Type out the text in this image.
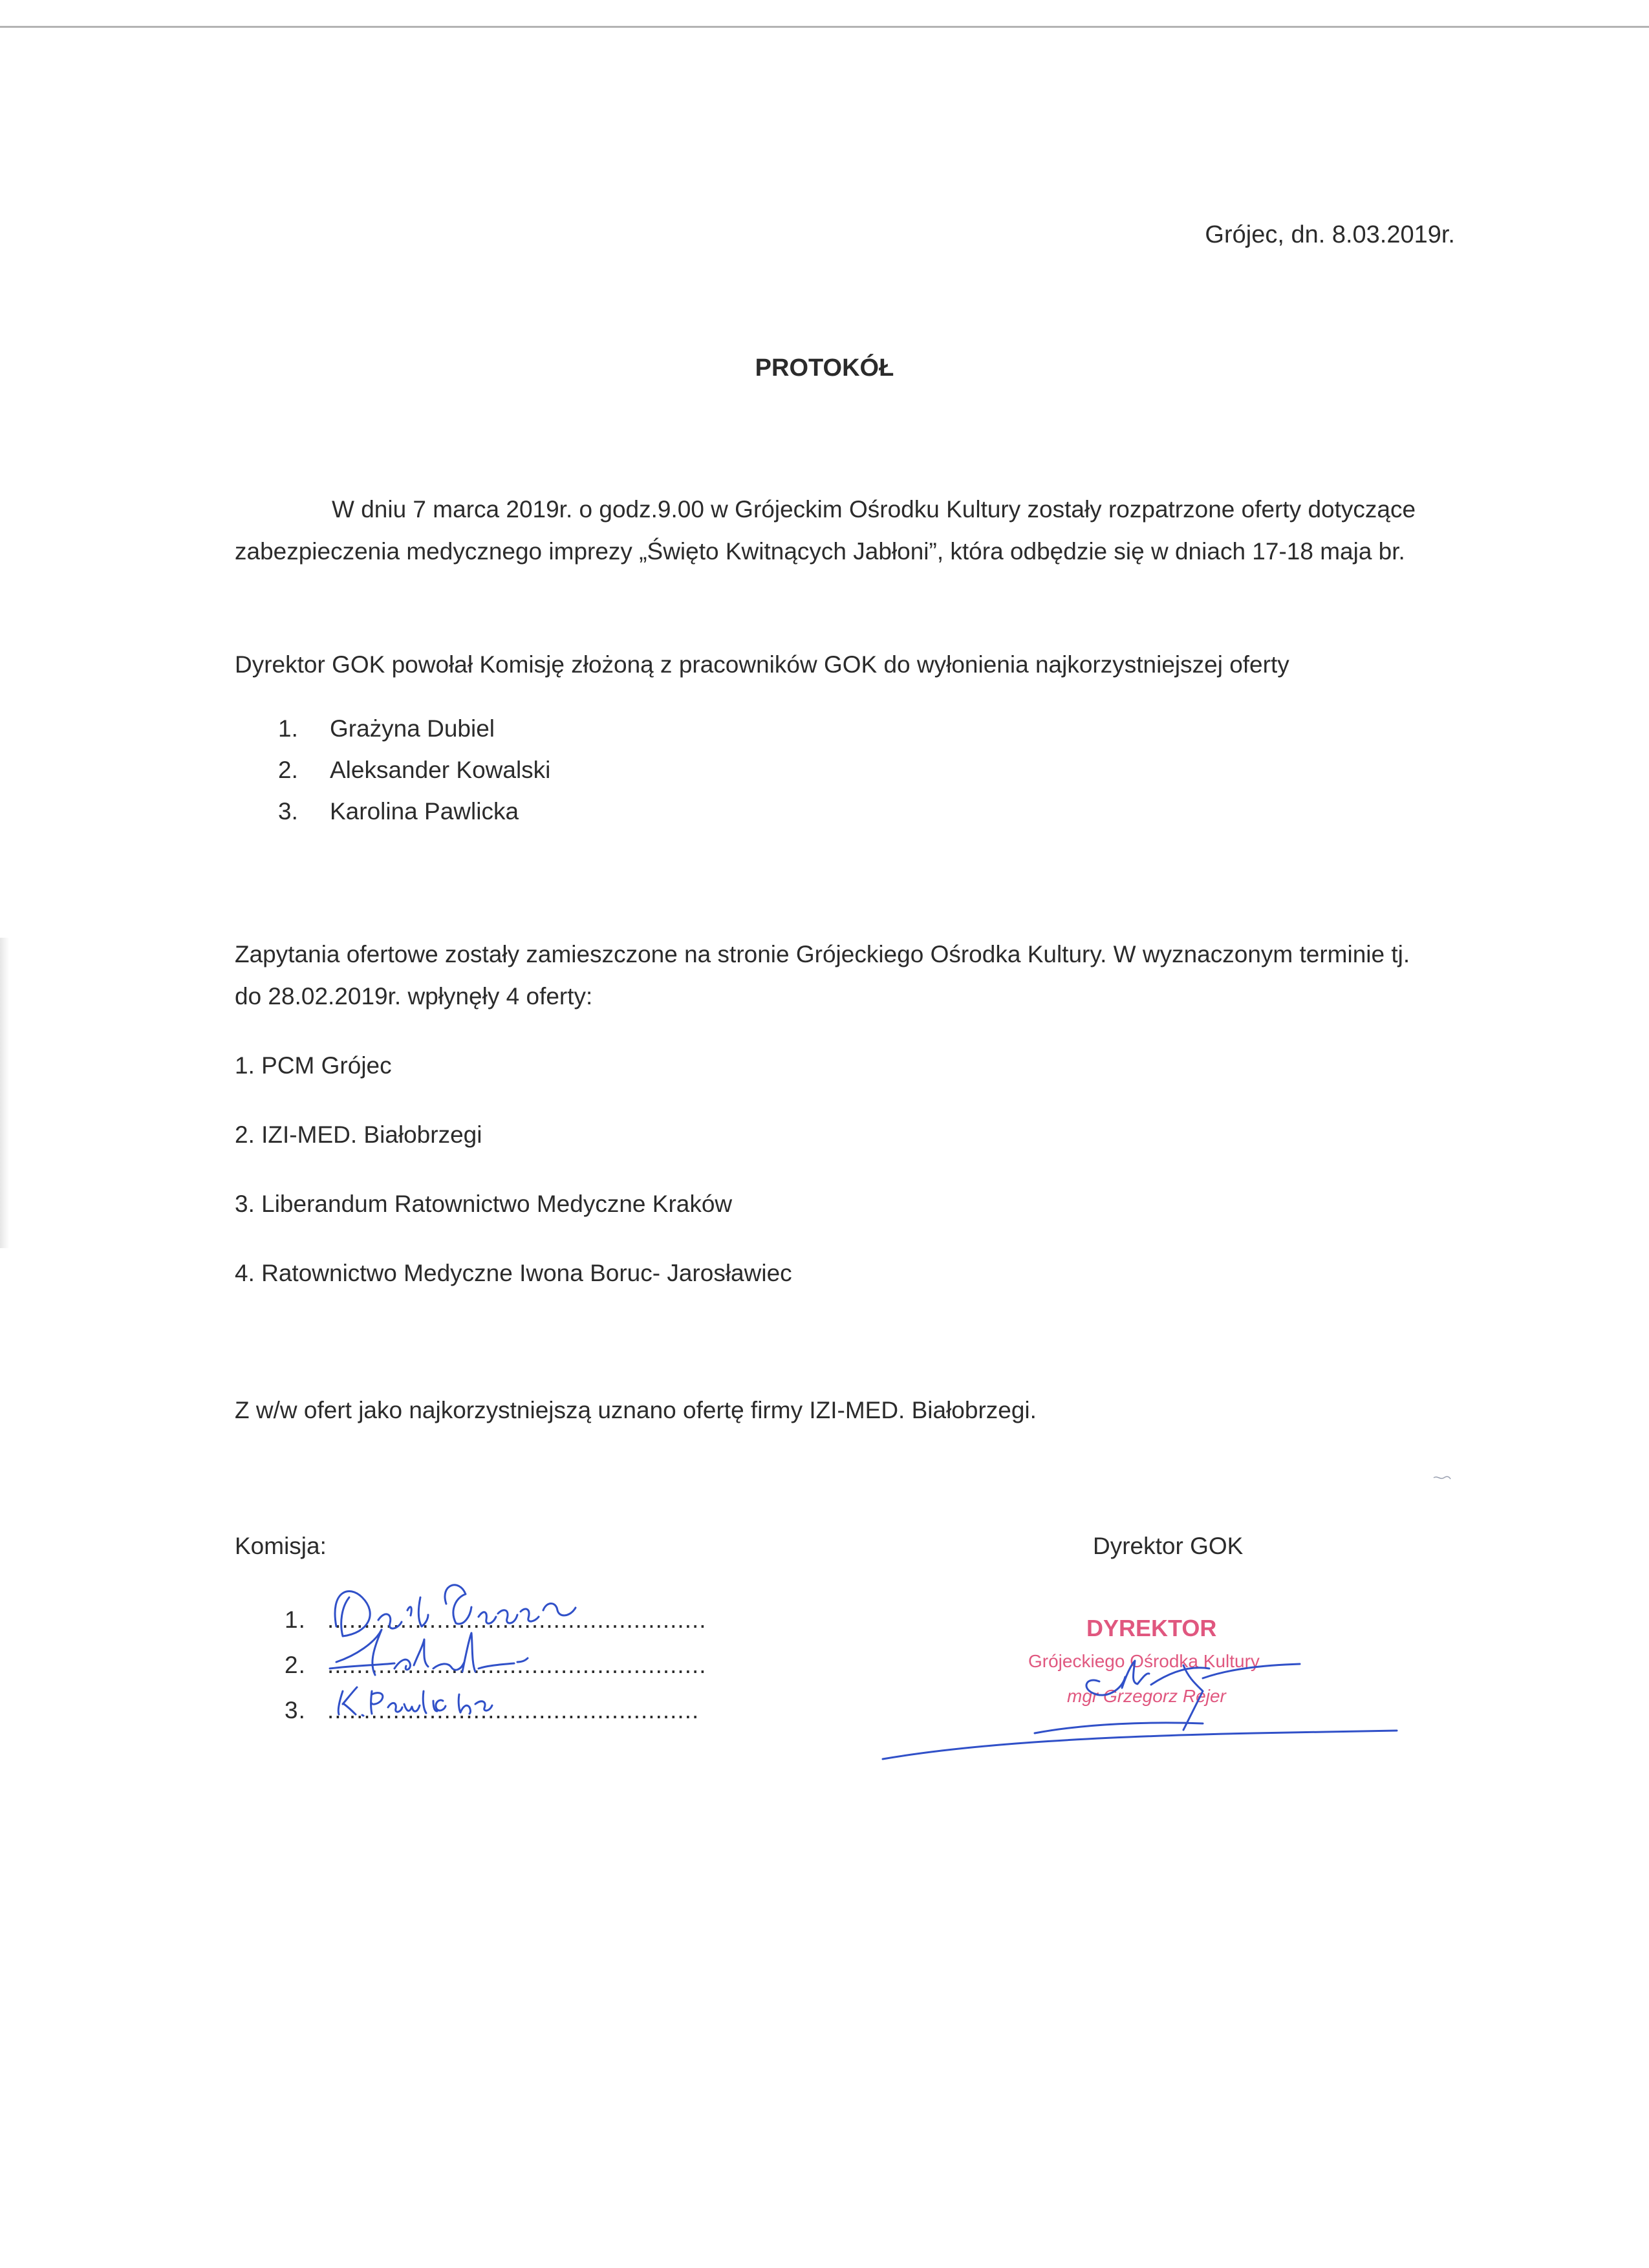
Grójec, dn. 8.03.2019r.
PROTOKÓŁ
W dniu 7 marca 2019r. o godz.9.00 w Grójeckim Ośrodku Kultury zostały rozpatrzone oferty dotyczące zabezpieczenia medycznego imprezy „Święto Kwitnących Jabłoni”, która odbędzie się w dniach 17-18 maja br.
Dyrektor GOK powołał Komisję złożoną z pracowników GOK do wyłonienia najkorzystniejszej oferty
1. Grażyna Dubiel
2. Aleksander Kowalski
3. Karolina Pawlicka
Zapytania ofertowe zostały zamieszczone na stronie Grójeckiego Ośrodka Kultury. W wyznaczonym terminie tj. do 28.02.2019r. wpłynęły 4 oferty:
1. PCM Grójec
2. IZI-MED. Białobrzegi
3. Liberandum Ratownictwo Medyczne Kraków
4. Ratownictwo Medyczne Iwona Boruc- Jarosławiec
Z w/w ofert jako najkorzystniejszą uznano ofertę firmy IZI-MED. Białobrzegi.
Komisja:	Dyrektor GOK
1. ....................................................
2. ....................................................
3. ...................................................
DYREKTOR
Grójeckiego Ośrodka Kultury
mgr Grzegorz Rejer
